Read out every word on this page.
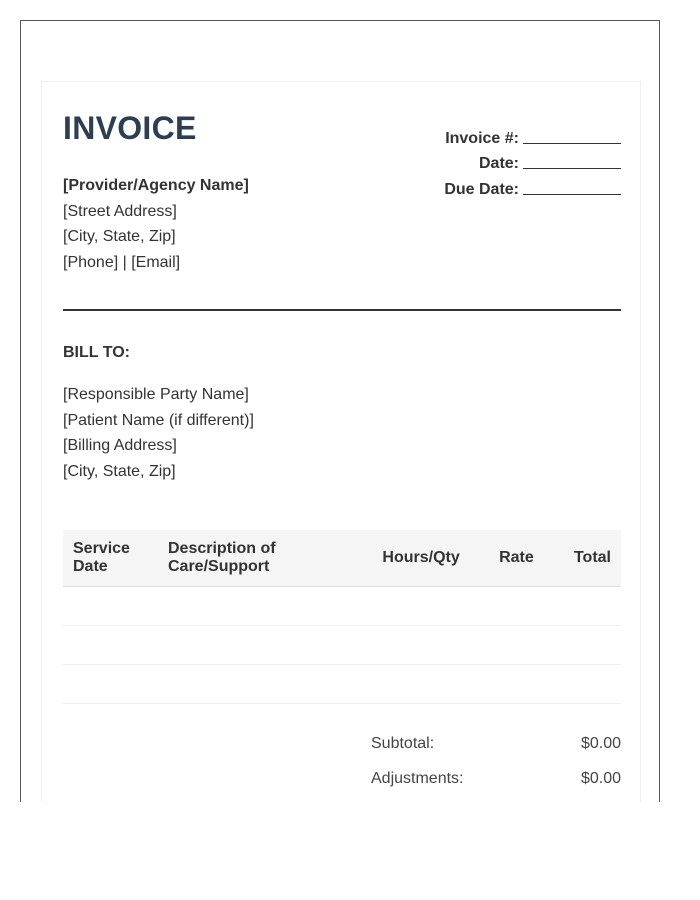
INVOICE	Invoice #:
Date:
Due Date:
[Provider/Agency Name]
[Street Address]
[City, State, Zip]
[Phone] | [Email]
BILL TO:
[Responsible Party Name]
[Patient Name (if different)]
[Billing Address]
[City, State, Zip]
Service Date	Description of Care/Support	Hours/Qty	Rate	Total

Subtotal:	$0.00
Adjustments:	$0.00
